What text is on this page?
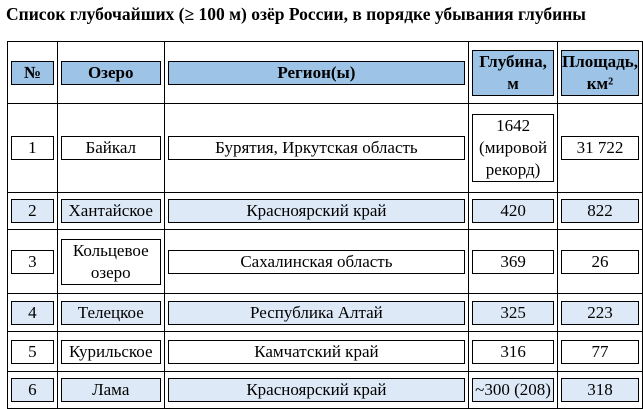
Список глубочайших (≥ 100 м) озёр России, в порядке убывания глубины
№	Озеро	Регион(ы)	Глубина, м	Площадь, км²

1	Байкал	Бурятия, Иркутская область	1642 (мировой рекорд)	31 722

2	Хантайское	Красноярский край	420	822

3	Кольцевое озеро	Сахалинская область	369	26

4	Телецкое	Республика Алтай	325	223

5	Курильское	Камчатский край	316	77

6	Лама	Красноярский край	~300 (208)	318
